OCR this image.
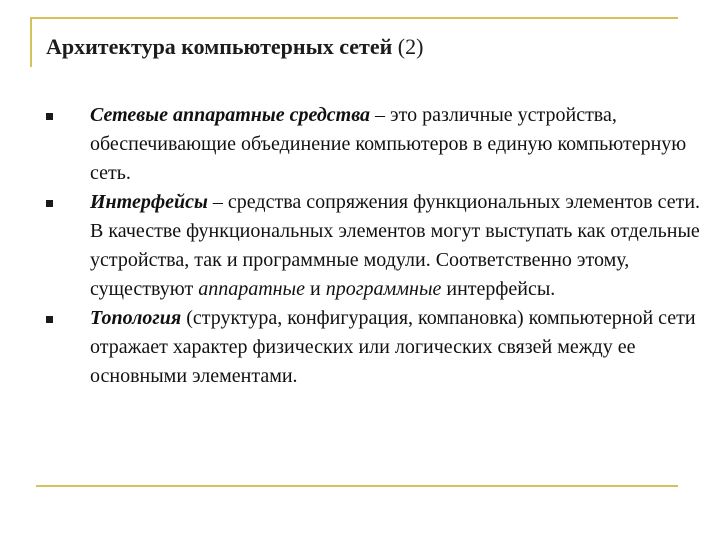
Архитектура компьютерных сетей (2)
Сетевые аппаратные средства – это различные устройства, обеспечивающие объединение компьютеров в единую компьютерную сеть.
Интерфейсы – средства сопряжения функциональных элементов сети. В качестве функциональных элементов могут выступать как отдельные устройства, так и программные модули. Соответственно этому, существуют аппаратные и программные интерфейсы.
Топология (структура, конфигурация, компановка) компьютерной сети отражает характер физических или логических связей между ее основными элементами.
